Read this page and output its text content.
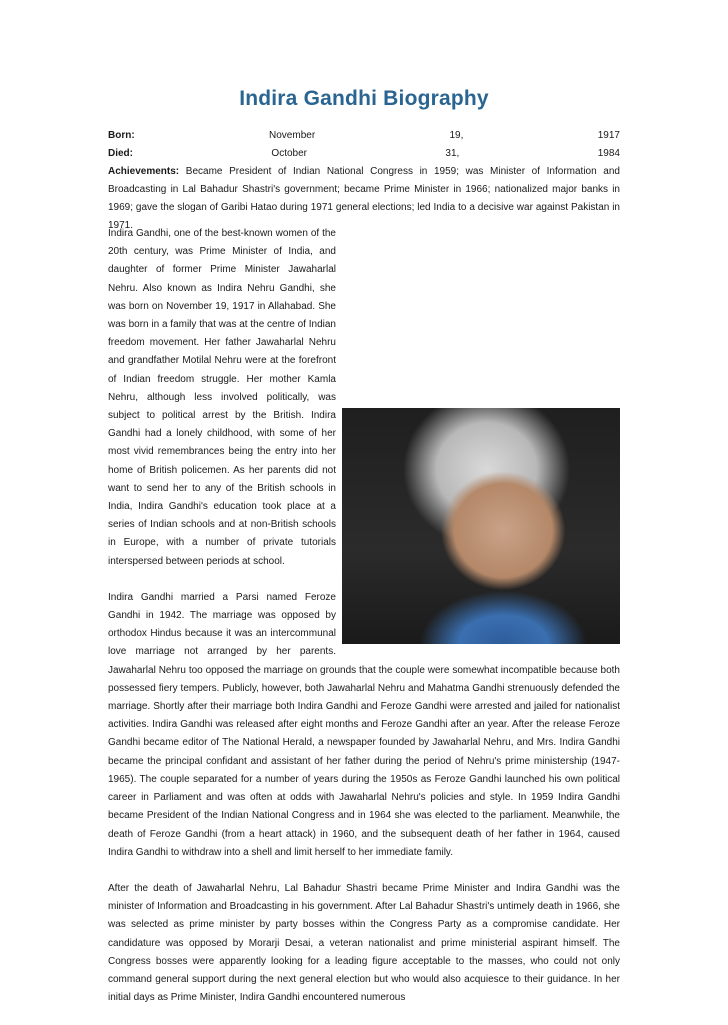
Indira Gandhi Biography

Born:	November	19,	1917

Died:	October	31,	1984

Achievements: Became President of Indian National Congress in 1959; was Minister of Information and Broadcasting in Lal Bahadur Shastri's government; became Prime Minister in 1966; nationalized major banks in 1969; gave the slogan of Garibi Hatao during 1971 general elections; led India to a decisive war against Pakistan in 1971.

Indira Gandhi, one of the best-known women of the 20th century, was Prime Minister of India, and daughter of former Prime Minister Jawaharlal Nehru. Also known as Indira Nehru Gandhi, she was born on November 19, 1917 in Allahabad. She was born in a family that was at the centre of Indian freedom movement. Her father Jawaharlal Nehru and grandfather Motilal Nehru were at the forefront of Indian freedom struggle. Her mother Kamla Nehru, although less involved politically, was subject to political arrest by the British. Indira Gandhi had a lonely childhood, with some of her most vivid remembrances being the entry into her home of British policemen. As her parents did not want to send her to any of the British schools in India, Indira Gandhi's education took place at a series of Indian schools and at non-British schools in Europe, with a number of private tutorials interspersed between periods at school.

Indira Gandhi married a Parsi named Feroze Gandhi in 1942. The marriage was opposed by orthodox Hindus because it was an intercommunal love marriage not arranged by her parents. Jawaharlal Nehru too opposed the marriage on grounds that the couple were somewhat incompatible because both possessed fiery tempers. Publicly, however, both Jawaharlal Nehru and Mahatma Gandhi strenuously defended the marriage. Shortly after their marriage both Indira Gandhi and Feroze Gandhi were arrested and jailed for nationalist activities. Indira Gandhi was released after eight months and Feroze Gandhi after an year. After the release Feroze Gandhi became editor of The National Herald, a newspaper founded by Jawaharlal Nehru, and Mrs. Indira Gandhi became the principal confidant and assistant of her father during the period of Nehru's prime ministership (1947-1965). The couple separated for a number of years during the 1950s as Feroze Gandhi launched his own political career in Parliament and was often at odds with Jawaharlal Nehru's policies and style. In 1959 Indira Gandhi became President of the Indian National Congress and in 1964 she was elected to the parliament. Meanwhile, the death of Feroze Gandhi (from a heart attack) in 1960, and the subsequent death of her father in 1964, caused Indira Gandhi to withdraw into a shell and limit herself to her immediate family.

After the death of Jawaharlal Nehru, Lal Bahadur Shastri became Prime Minister and Indira Gandhi was the minister of Information and Broadcasting in his government. After Lal Bahadur Shastri's untimely death in 1966, she was selected as prime minister by party bosses within the Congress Party as a compromise candidate. Her candidature was opposed by Morarji Desai, a veteran nationalist and prime ministerial aspirant himself. The Congress bosses were apparently looking for a leading figure acceptable to the masses, who could not only command general support during the next general election but who would also acquiesce to their guidance. In her initial days as Prime Minister, Indira Gandhi encountered numerous
